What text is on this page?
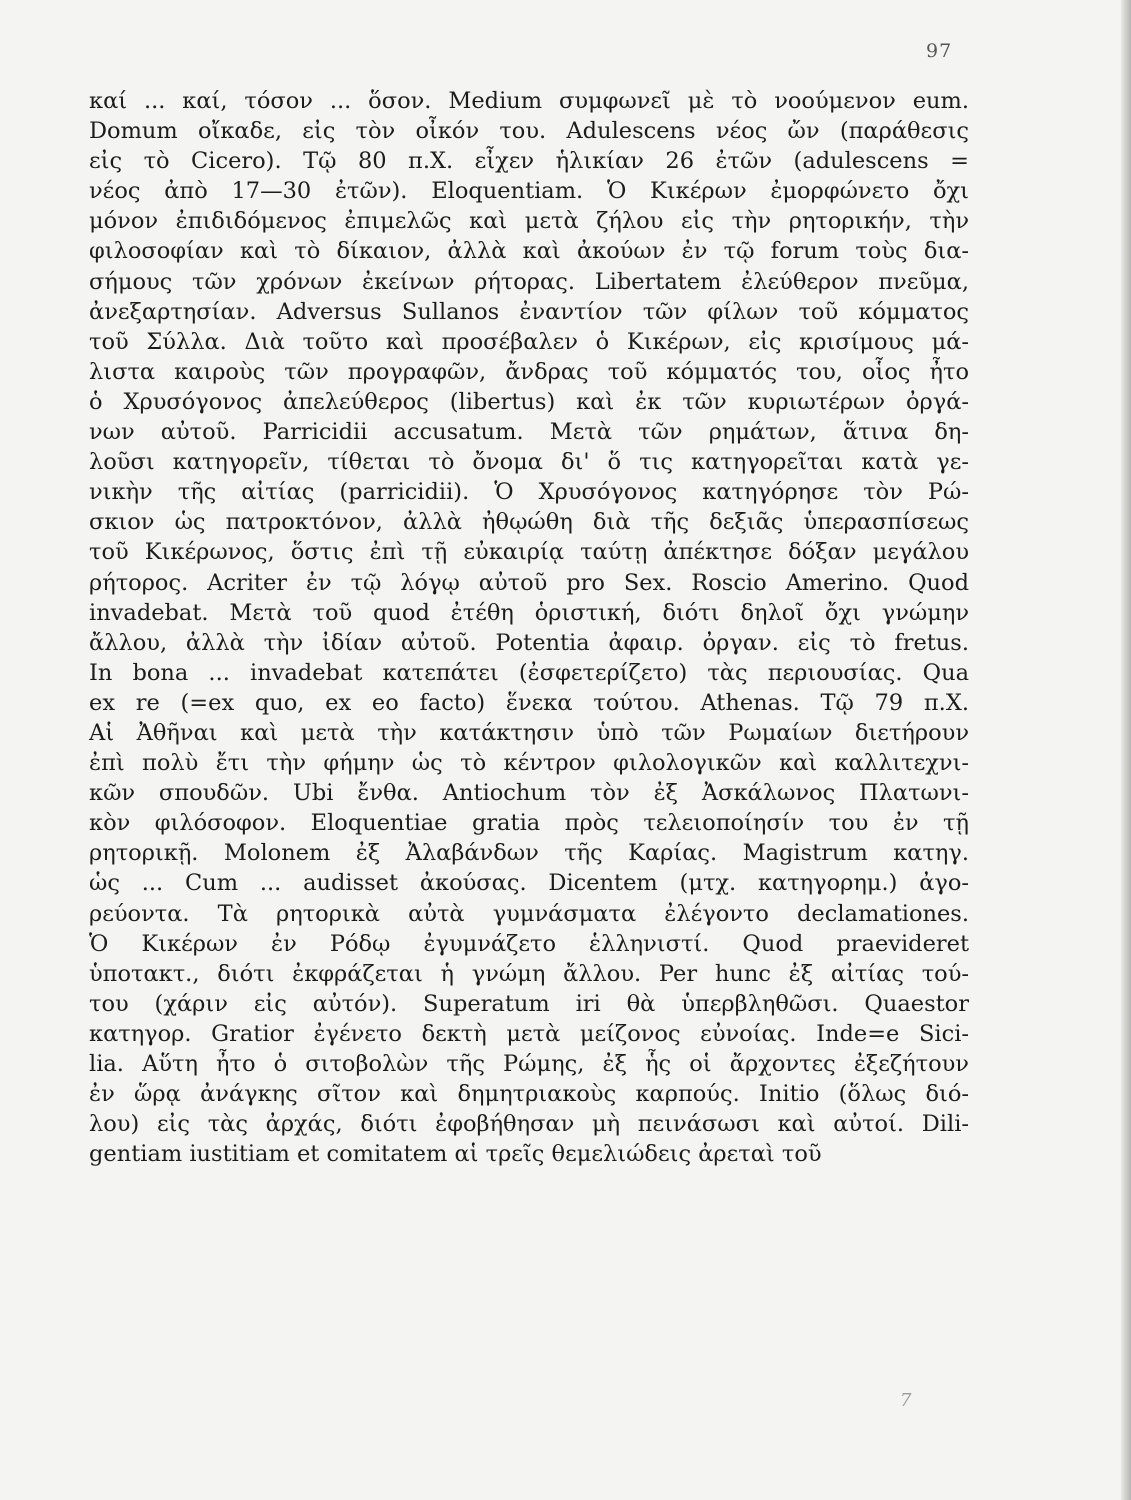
97
καί ... καί, τόσον ... ὅσον. Medium συμφωνεῖ μὲ τὸ νοούμενον eum.
Domum οἴκαδε, εἰς τὸν οἶκόν του. Adulescens νέος ὤν (παράθεσις
εἰς τὸ Cicero). Τῷ 80 π.Χ. εἶχεν ἡλικίαν 26 ἐτῶν (adulescens =
νέος ἀπὸ 17—30 ἐτῶν). Eloquentiam. Ὁ Κικέρων ἐμορφώνετο ὄχι
μόνον ἐπιδιδόμενος ἐπιμελῶς καὶ μετὰ ζήλου εἰς τὴν ρητορικήν, τὴν
φιλοσοφίαν καὶ τὸ δίκαιον, ἀλλὰ καὶ ἀκούων ἐν τῷ forum τοὺς δια-
σήμους τῶν χρόνων ἐκείνων ρήτορας. Libertatem ἐλεύθερον πνεῦμα,
ἀνεξαρτησίαν. Adversus Sullanos ἐναντίον τῶν φίλων τοῦ κόμματος
τοῦ Σύλλα. Διὰ τοῦτο καὶ προσέβαλεν ὁ Κικέρων, εἰς κρισίμους μά-
λιστα καιροὺς τῶν προγραφῶν, ἄνδρας τοῦ κόμματός του, οἷος ἦτο
ὁ Χρυσόγονος ἀπελεύθερος (libertus) καὶ ἐκ τῶν κυριωτέρων ὀργά-
νων αὐτοῦ. Parricidii accusatum. Μετὰ τῶν ρημάτων, ἅτινα δη-
λοῦσι κατηγορεῖν, τίθεται τὸ ὄνομα δι' ὅ τις κατηγορεῖται κατὰ γε-
νικὴν τῆς αἰτίας (parricidii). Ὁ Χρυσόγονος κατηγόρησε τὸν Ρώ-
σκιον ὡς πατροκτόνον, ἀλλὰ ἠθῳώθη διὰ τῆς δεξιᾶς ὑπερασπίσεως
τοῦ Κικέρωνος, ὅστις ἐπὶ τῇ εὐκαιρίᾳ ταύτῃ ἀπέκτησε δόξαν μεγάλου
ρήτορος. Acriter ἐν τῷ λόγῳ αὐτοῦ pro Sex. Roscio Amerino. Quod
invadebat. Μετὰ τοῦ quod ἐτέθη ὁριστική, διότι δηλοῖ ὄχι γνώμην
ἄλλου, ἀλλὰ τὴν ἰδίαν αὐτοῦ. Potentia ἀφαιρ. ὀργαν. εἰς τὸ fretus.
In bona ... invadebat κατεπάτει (ἐσφετερίζετο) τὰς περιουσίας. Qua
ex re (=ex quo, ex eo facto) ἕνεκα τούτου. Athenas. Τῷ 79 π.Χ.
Αἱ Ἀθῆναι καὶ μετὰ τὴν κατάκτησιν ὑπὸ τῶν Ρωμαίων διετήρουν
ἐπὶ πολὺ ἔτι τὴν φήμην ὡς τὸ κέντρον φιλολογικῶν καὶ καλλιτεχνι-
κῶν σπουδῶν. Ubi ἔνθα. Antiochum τὸν ἐξ Ἀσκάλωνος Πλατωνι-
κὸν φιλόσοφον. Eloquentiae gratia πρὸς τελειοποίησίν του ἐν τῇ
ρητορικῇ. Molonem ἐξ Ἀλαβάνδων τῆς Καρίας. Magistrum κατηγ.
ὡς ... Cum ... audisset ἀκούσας. Dicentem (μτχ. κατηγορημ.) ἀγο-
ρεύοντα. Τὰ ρητορικὰ αὐτὰ γυμνάσματα ἐλέγοντο declamationes.
Ὁ Κικέρων ἐν Ρόδῳ ἐγυμνάζετο ἑλληνιστί. Quod praevideret
ὑποτακτ., διότι ἐκφράζεται ἡ γνώμη ἄλλου. Per hunc ἐξ αἰτίας τού-
του (χάριν εἰς αὐτόν). Superatum iri θὰ ὑπερβληθῶσι. Quaestor
κατηγορ. Gratior ἐγένετο δεκτὴ μετὰ μείζονος εὐνοίας. Inde=e Sici-
lia. Αὕτη ἦτο ὁ σιτοβολὼν τῆς Ρώμης, ἐξ ἧς οἱ ἄρχοντες ἐξεζήτουν
ἐν ὥρᾳ ἀνάγκης σῖτον καὶ δημητριακοὺς καρπούς. Initio (ὅλως διό-
λου) εἰς τὰς ἀρχάς, διότι ἐφοβήθησαν μὴ πεινάσωσι καὶ αὐτοί. Dili-
gentiam iustitiam et comitatem αἱ τρεῖς θεμελιώδεις ἀρεταὶ τοῦ
7
